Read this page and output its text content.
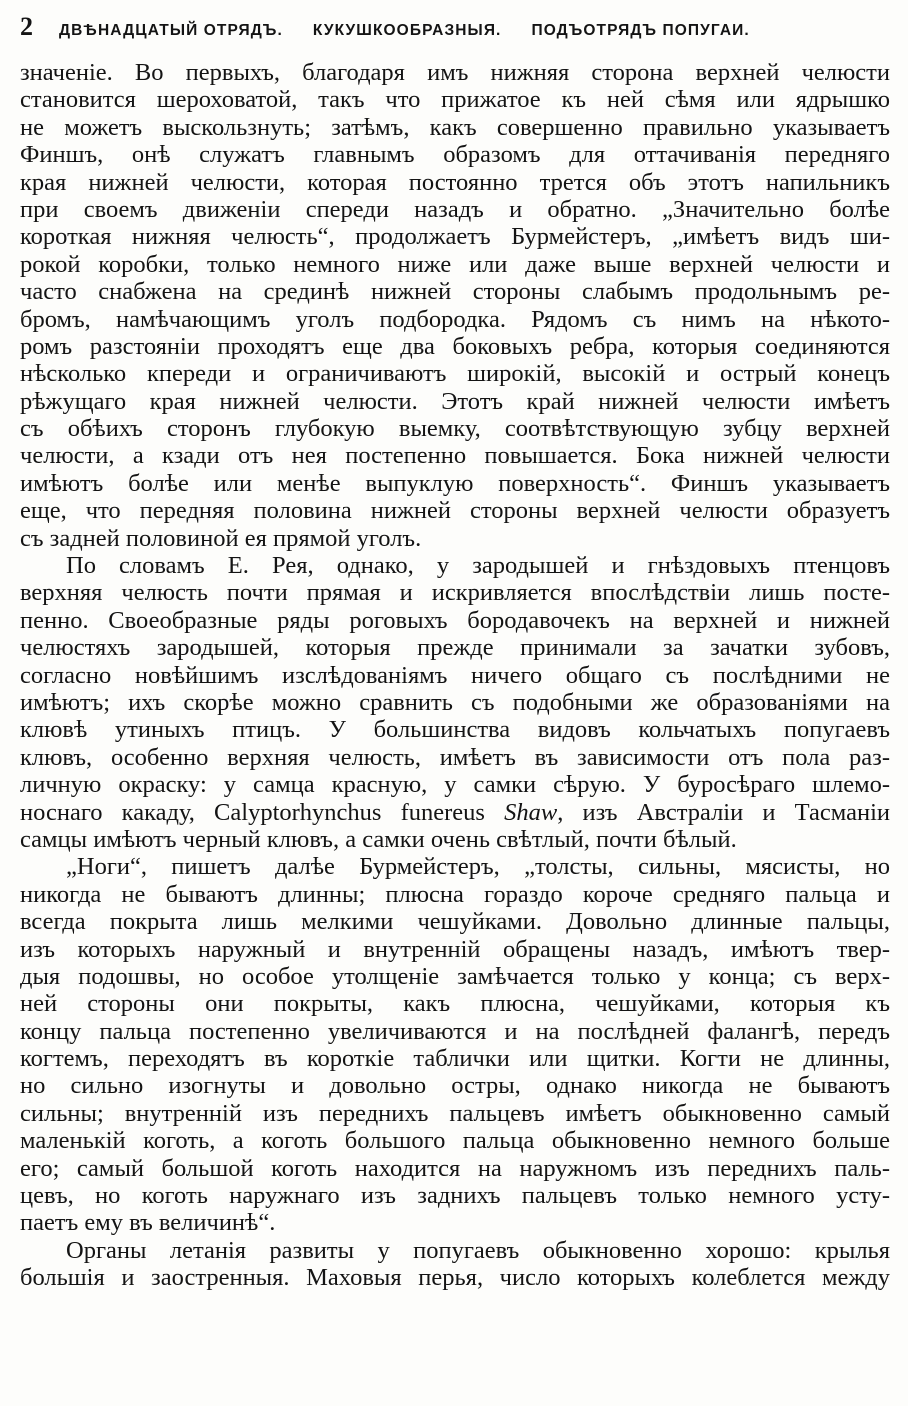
2 ДВѢНАДЦАТЫЙ ОТРЯДЪ. КУКУШКООБРАЗНЫЯ. ПОДЪОТРЯДЪ ПОПУГАИ.
значенiе. Во первыхъ, благодаря имъ нижняя сторона верхней челюсти
становится шероховатой, такъ что прижатое къ ней сѣмя или ядрышко
не можетъ выскользнуть; затѣмъ, какъ совершенно правильно указываетъ
Финшъ, онѣ служатъ главнымъ образомъ для оттачиванiя передняго
края нижней челюсти, которая постоянно трется объ этотъ напильникъ
при своемъ движенiи спереди назадъ и обратно. „Значительно болѣе
короткая нижняя челюсть“, продолжаетъ Бурмейстеръ, „имѣетъ видъ ши-
рокой коробки, только немного ниже или даже выше верхней челюсти и
часто снабжена на срединѣ нижней стороны слабымъ продольнымъ ре-
бромъ, намѣчающимъ уголъ подбородка. Рядомъ съ нимъ на нѣкото-
ромъ разстоянiи проходятъ еще два боковыхъ ребра, которыя соединяются
нѣсколько кпереди и ограничиваютъ широкiй, высокiй и острый конецъ
рѣжущаго края нижней челюсти. Этотъ край нижней челюсти имѣетъ
съ обѣихъ сторонъ глубокую выемку, соотвѣтствующую зубцу верхней
челюсти, а кзади отъ нея постепенно повышается. Бока нижней челюсти
имѣютъ болѣе или менѣе выпуклую поверхность“. Финшъ указываетъ
еще, что передняя половина нижней стороны верхней челюсти образуетъ
съ задней половиной ея прямой уголъ.
По словамъ Е. Рея, однако, у зародышей и гнѣздовыхъ птенцовъ
верхняя челюсть почти прямая и искривляется впослѣдствiи лишь посте-
пенно. Своеобразные ряды роговыхъ бородавочекъ на верхней и нижней
челюстяхъ зародышей, которыя прежде принимали за зачатки зубовъ,
согласно новѣйшимъ изслѣдованiямъ ничего общаго съ послѣдними не
имѣютъ; ихъ скорѣе можно сравнить съ подобными же образованiями на
клювѣ утиныхъ птицъ. У большинства видовъ кольчатыхъ попугаевъ
клювъ, особенно верхняя челюсть, имѣетъ въ зависимости отъ пола раз-
личную окраску: у самца красную, у самки сѣрую. У буросѣраго шлемо-
носнаго какаду, Calyptorhynchus funereus Shaw, изъ Австралiи и Тасманiи
самцы имѣютъ черный клювъ, а самки очень свѣтлый, почти бѣлый.
„Ноги“, пишетъ далѣе Бурмейстеръ, „толсты, сильны, мясисты, но
никогда не бываютъ длинны; плюсна гораздо короче средняго пальца и
всегда покрыта лишь мелкими чешуйками. Довольно длинные пальцы,
изъ которыхъ наружный и внутреннiй обращены назадъ, имѣютъ твер-
дыя подошвы, но особое утолщенiе замѣчается только у конца; съ верх-
ней стороны они покрыты, какъ плюсна, чешуйками, которыя къ
концу пальца постепенно увеличиваются и на послѣдней фалангѣ, передъ
когтемъ, переходятъ въ короткiе таблички или щитки. Когти не длинны,
но сильно изогнуты и довольно остры, однако никогда не бываютъ
сильны; внутреннiй изъ переднихъ пальцевъ имѣетъ обыкновенно самый
маленькiй коготь, а коготь большого пальца обыкновенно немного больше
его; самый большой коготь находится на наружномъ изъ переднихъ паль-
цевъ, но коготь наружнаго изъ заднихъ пальцевъ только немного усту-
паетъ ему въ величинѣ“.
Органы летанiя развиты у попугаевъ обыкновенно хорошо: крылья
большiя и заостренныя. Маховыя перья, число которыхъ колеблется между
